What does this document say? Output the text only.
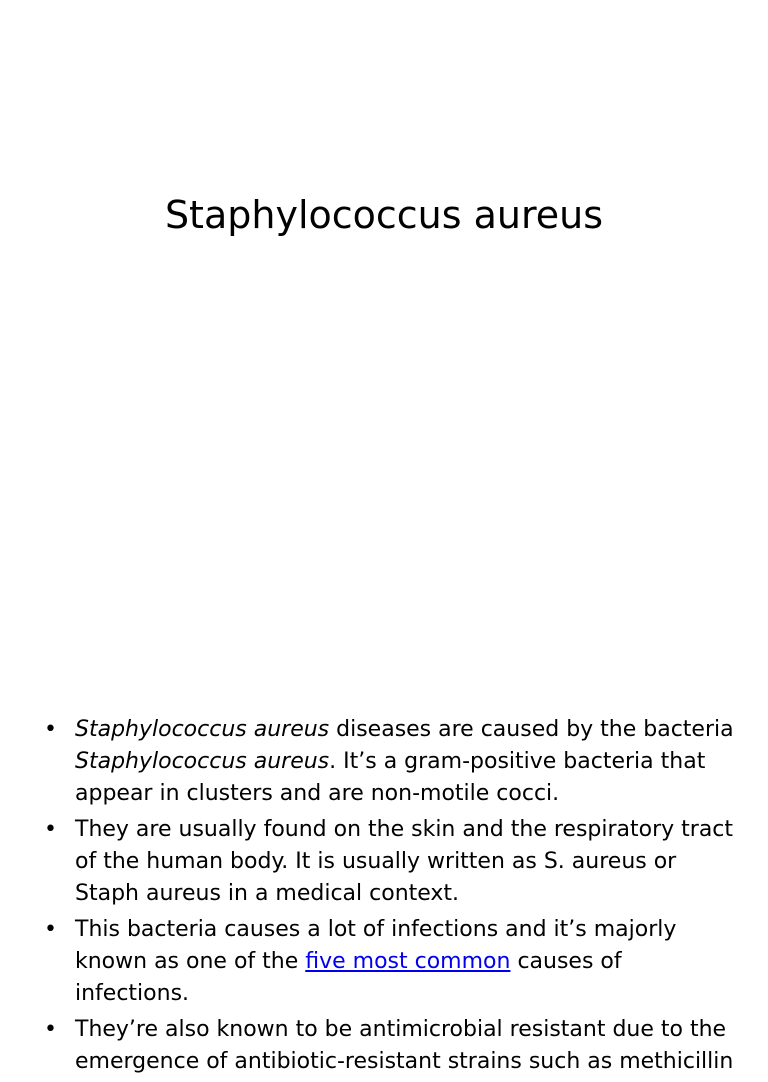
Staphylococcus aureus
• Staphylococcus aureus diseases are caused by the bacteria Staphylococcus aureus. It’s a gram-positive bacteria that appear in clusters and are non-motile cocci.
• They are usually found on the skin and the respiratory tract of the human body. It is usually written as S. aureus or Staph aureus in a medical context.
• This bacteria causes a lot of infections and it’s majorly known as one of the five most common causes of infections.
• They’re also known to be antimicrobial resistant due to the emergence of antibiotic-resistant strains such as methicillin
